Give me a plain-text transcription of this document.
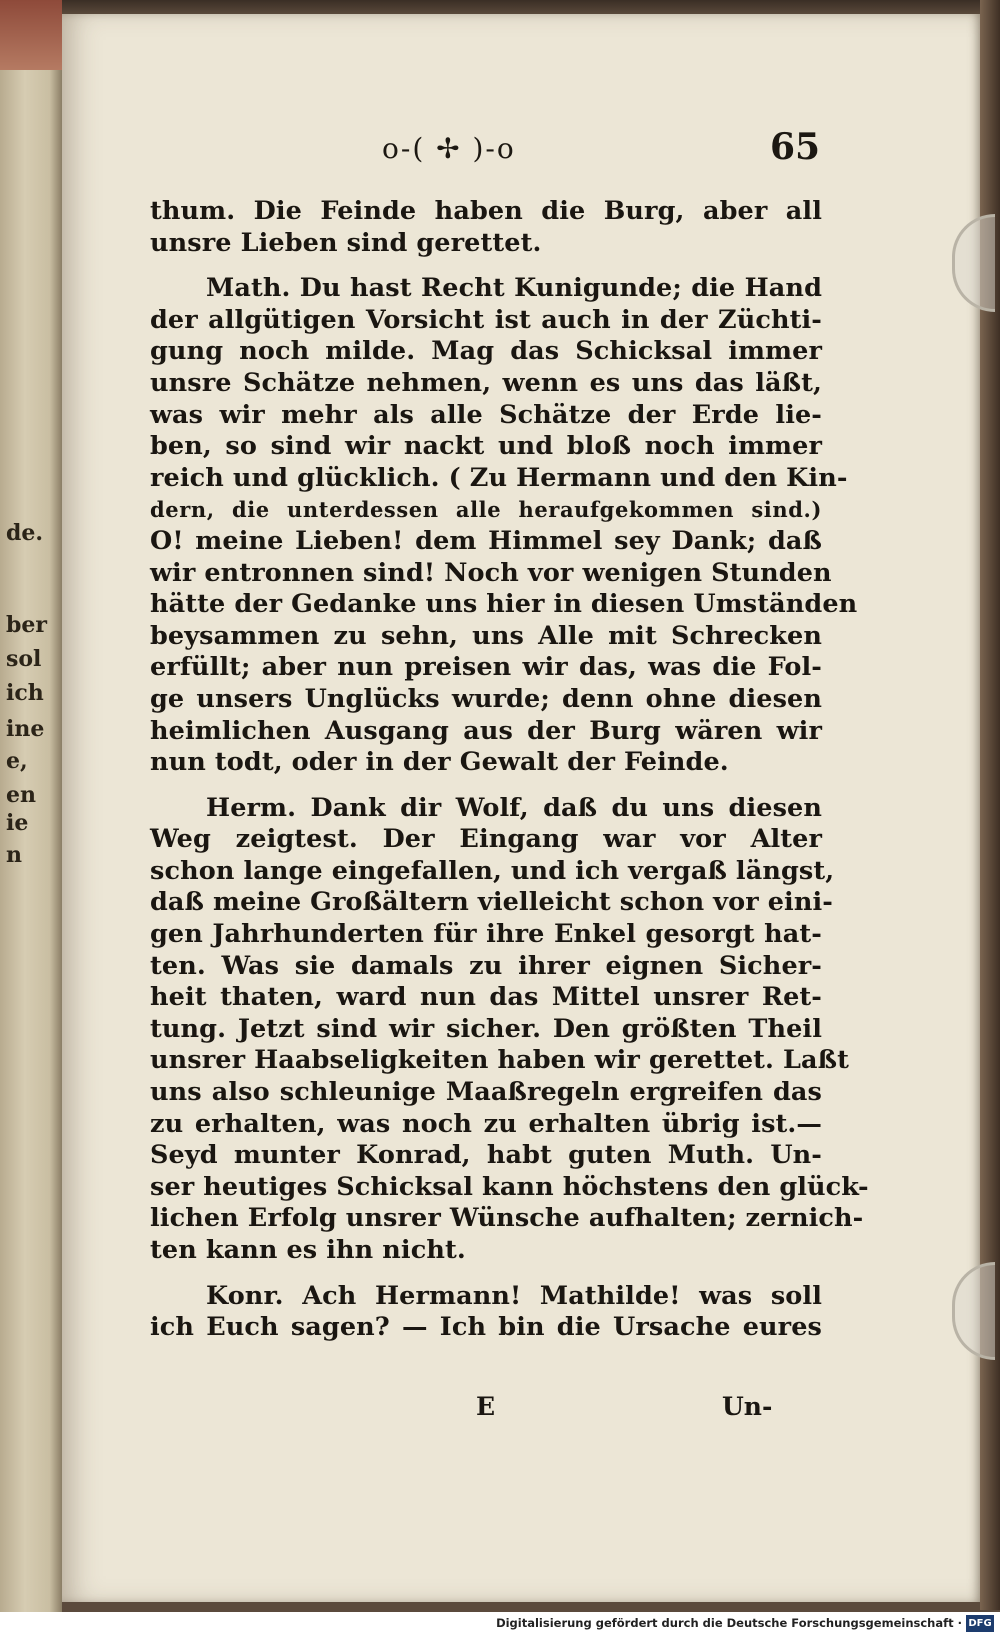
de.
ber
sol
ich
ine
e,
en
ie
n
o-( ✢ )-o	65
thum. Die Feinde haben die Burg, aber all
unsre Lieben sind gerettet.
Math. Du hast Recht Kunigunde; die Hand
der allgütigen Vorsicht ist auch in der Züchti-
gung noch milde. Mag das Schicksal immer
unsre Schätze nehmen, wenn es uns das läßt,
was wir mehr als alle Schätze der Erde lie-
ben, so sind wir nackt und bloß noch immer
reich und glücklich. ( Zu Hermann und den Kin-
dern, die unterdessen alle heraufgekommen sind.)
O! meine Lieben! dem Himmel sey Dank; daß
wir entronnen sind! Noch vor wenigen Stunden
hätte der Gedanke uns hier in diesen Umständen
beysammen zu sehn, uns Alle mit Schrecken
erfüllt; aber nun preisen wir das, was die Fol-
ge unsers Unglücks wurde; denn ohne diesen
heimlichen Ausgang aus der Burg wären wir
nun todt, oder in der Gewalt der Feinde.
Herm. Dank dir Wolf, daß du uns diesen
Weg zeigtest. Der Eingang war vor Alter
schon lange eingefallen, und ich vergaß längst,
daß meine Großältern vielleicht schon vor eini-
gen Jahrhunderten für ihre Enkel gesorgt hat-
ten. Was sie damals zu ihrer eignen Sicher-
heit thaten, ward nun das Mittel unsrer Ret-
tung. Jetzt sind wir sicher. Den größten Theil
unsrer Haabseligkeiten haben wir gerettet. Laßt
uns also schleunige Maaßregeln ergreifen das
zu erhalten, was noch zu erhalten übrig ist.—
Seyd munter Konrad, habt guten Muth. Un-
ser heutiges Schicksal kann höchstens den glück-
lichen Erfolg unsrer Wünsche aufhalten; zernich-
ten kann es ihn nicht.
Konr. Ach Hermann! Mathilde! was soll
ich Euch sagen? — Ich bin die Ursache eures
E	Un-
Digitalisierung gefördert durch die Deutsche Forschungsgemeinschaft · DFG
